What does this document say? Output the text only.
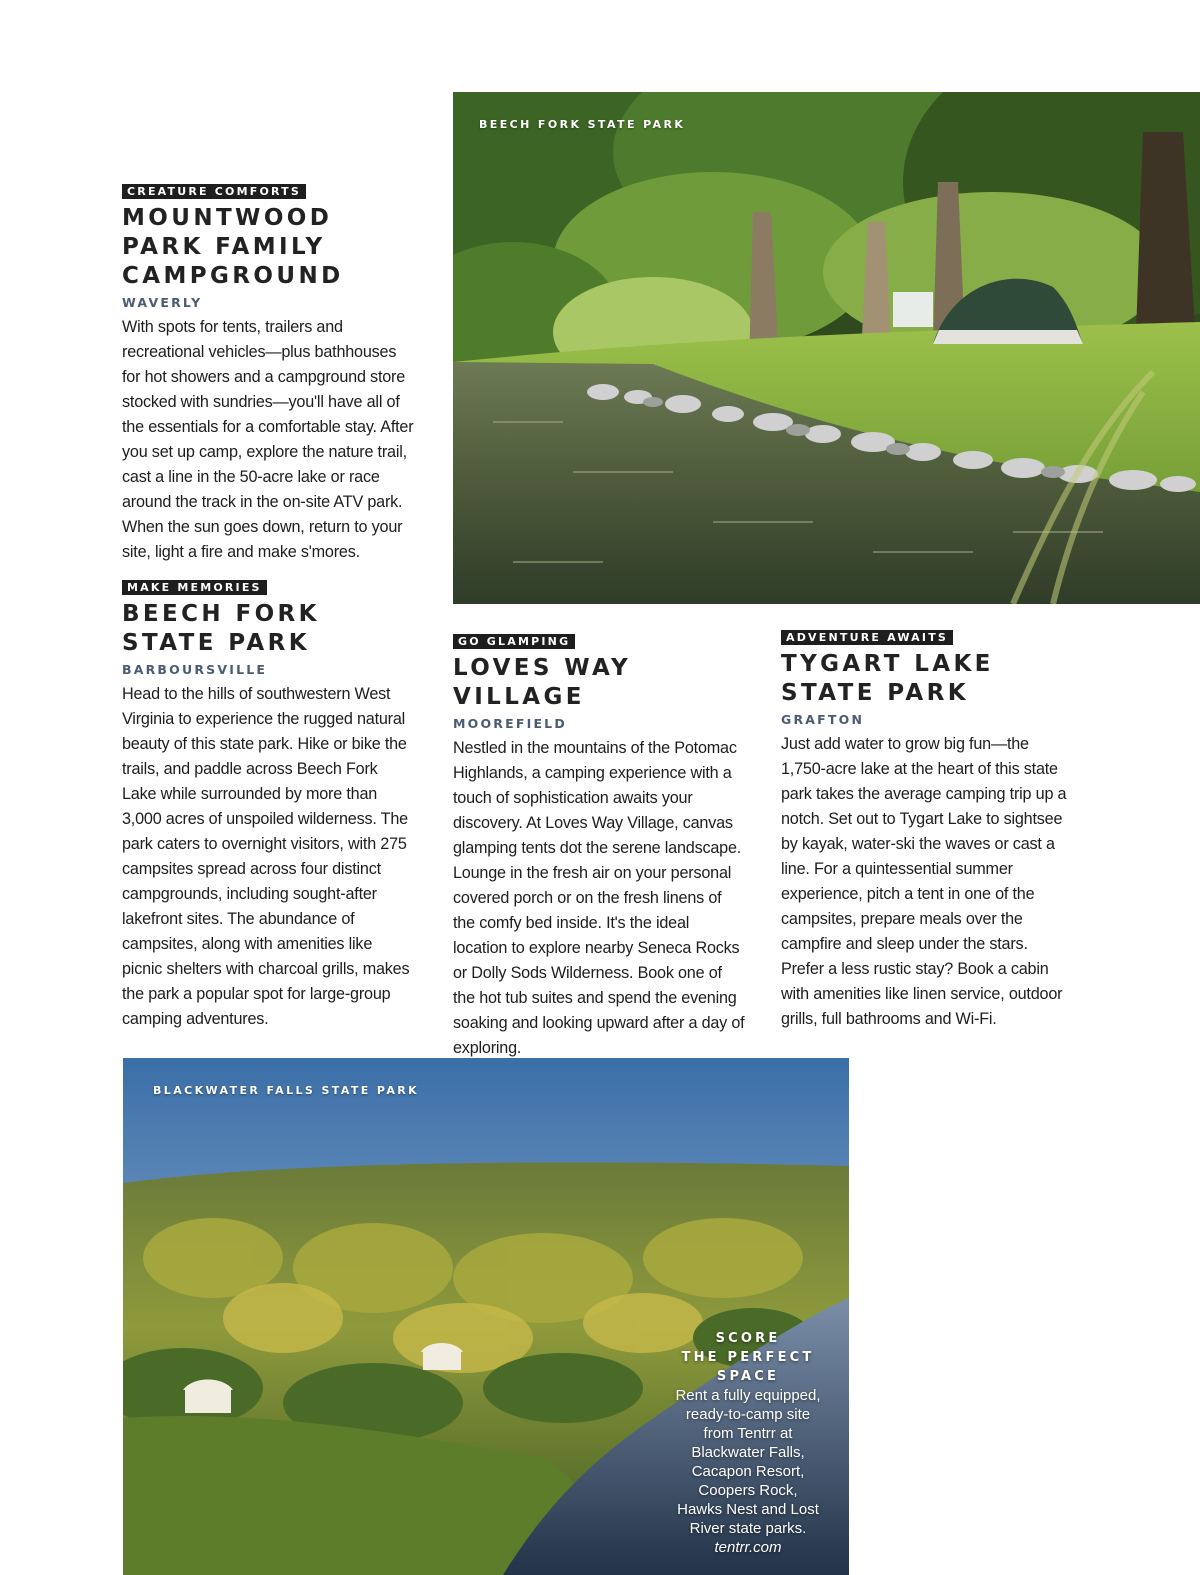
BEECH FORK STATE PARK
CREATURE COMFORTS
MOUNTWOOD
PARK FAMILY
CAMPGROUND
WAVERLY

With spots for tents, trailers and recreational vehicles—plus bathhouses for hot showers and a campground store stocked with sundries—you'll have all of the essentials for a comfortable stay. After you set up camp, explore the nature trail, cast a line in the 50-acre lake or race around the track in the on-site ATV park. When the sun goes down, return to your site, light a fire and make s'mores.

MAKE MEMORIES
BEECH FORK
STATE PARK
BARBOURSVILLE

Head to the hills of southwestern West Virginia to experience the rugged natural beauty of this state park. Hike or bike the trails, and paddle across Beech Fork Lake while surrounded by more than 3,000 acres of unspoiled wilderness. The park caters to overnight visitors, with 275 campsites spread across four distinct campgrounds, including sought-after lakefront sites. The abundance of campsites, along with amenities like picnic shelters with charcoal grills, makes the park a popular spot for large-group camping adventures.

GO GLAMPING
LOVES WAY VILLAGE
MOOREFIELD

Nestled in the mountains of the Potomac Highlands, a camping experience with a touch of sophistication awaits your discovery. At Loves Way Village, canvas glamping tents dot the serene landscape. Lounge in the fresh air on your personal covered porch or on the fresh linens of the comfy bed inside. It's the ideal location to explore nearby Seneca Rocks or Dolly Sods Wilderness. Book one of the hot tub suites and spend the evening soaking and looking upward after a day of exploring.

ADVENTURE AWAITS
TYGART LAKE
STATE PARK
GRAFTON

Just add water to grow big fun—the 1,750-acre lake at the heart of this state park takes the average camping trip up a notch. Set out to Tygart Lake to sightsee by kayak, water-ski the waves or cast a line. For a quintessential summer experience, pitch a tent in one of the campsites, prepare meals over the campfire and sleep under the stars. Prefer a less rustic stay? Book a cabin with amenities like linen service, outdoor grills, full bathrooms and Wi-Fi.

BLACKWATER FALLS STATE PARK
SCORE
THE PERFECT
SPACE
Rent a fully equipped, ready-to-camp site from Tentrr at Blackwater Falls, Cacapon Resort, Coopers Rock, Hawks Nest and Lost River state parks. tentrr.com
